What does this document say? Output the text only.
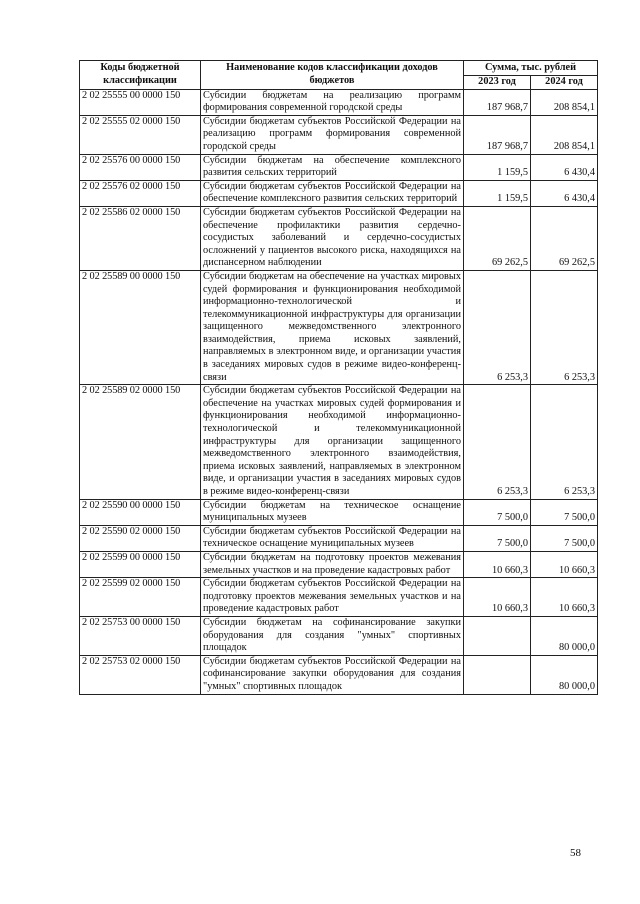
Коды бюджетной классификации	Наименование кодов классификации доходов бюджетов	Сумма, тыс. рублей	
		2023 год	2024 год
2 02 25555 00 0000 150	Субсидии бюджетам на реализацию программ формирования современной городской среды	187 968,7	208 854,1
2 02 25555 02 0000 150	Субсидии бюджетам субъектов Российской Федерации на реализацию программ формирования современной городской среды	187 968,7	208 854,1
2 02 25576 00 0000 150	Субсидии бюджетам на обеспечение комплексного развития сельских территорий	1 159,5	6 430,4
2 02 25576 02 0000 150	Субсидии бюджетам субъектов Российской Федерации на обеспечение комплексного развития сельских территорий	1 159,5	6 430,4
2 02 25586 02 0000 150	Субсидии бюджетам субъектов Российской Федерации на обеспечение профилактики развития сердечно-сосудистых заболеваний и сердечно-сосудистых осложнений у пациентов высокого риска, находящихся на диспансерном наблюдении	69 262,5	69 262,5
2 02 25589 00 0000 150	Субсидии бюджетам на обеспечение на участках мировых судей формирования и функционирования необходимой информационно-технологической и телекоммуникационной инфраструктуры для организации защищенного межведомственного электронного взаимодействия, приема исковых заявлений, направляемых в электронном виде, и организации участия в заседаниях мировых судов в режиме видео-конференц-связи	6 253,3	6 253,3
2 02 25589 02 0000 150	Субсидии бюджетам субъектов Российской Федерации на обеспечение на участках мировых судей формирования и функционирования необходимой информационно-технологической и телекоммуникационной инфраструктуры для организации защищенного межведомственного электронного взаимодействия, приема исковых заявлений, направляемых в электронном виде, и организации участия в заседаниях мировых судов в режиме видео-конференц-связи	6 253,3	6 253,3
2 02 25590 00 0000 150	Субсидии бюджетам на техническое оснащение муниципальных музеев	7 500,0	7 500,0
2 02 25590 02 0000 150	Субсидии бюджетам субъектов Российской Федерации на техническое оснащение муниципальных музеев	7 500,0	7 500,0
2 02 25599 00 0000 150	Субсидии бюджетам на подготовку проектов межевания земельных участков и на проведение кадастровых работ	10 660,3	10 660,3
2 02 25599 02 0000 150	Субсидии бюджетам субъектов Российской Федерации на подготовку проектов межевания земельных участков и на проведение кадастровых работ	10 660,3	10 660,3
2 02 25753 00 0000 150	Субсидии бюджетам на софинансирование закупки оборудования для создания "умных" спортивных площадок		80 000,0
2 02 25753 02 0000 150	Субсидии бюджетам субъектов Российской Федерации на софинансирование закупки оборудования для создания "умных" спортивных площадок		80 000,0
58
